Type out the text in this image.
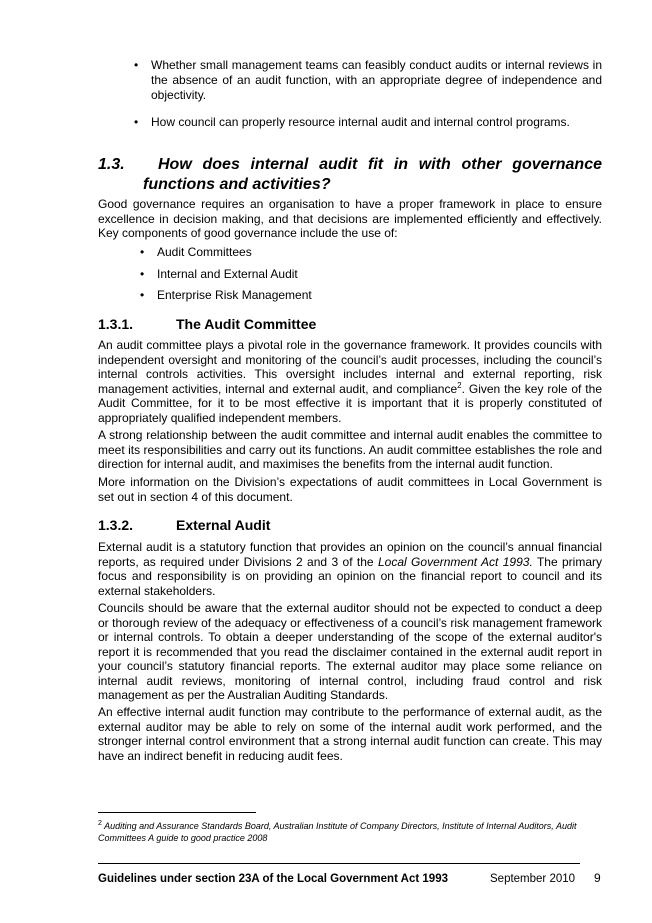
• Whether small management teams can feasibly conduct audits or internal reviews in the absence of an audit function, with an appropriate degree of independence and objectivity.
• How council can properly resource internal audit and internal control programs.
1.3. How does internal audit fit in with other governance
functions and activities?

Good governance requires an organisation to have a proper framework in place to ensure excellence in decision making, and that decisions are implemented efficiently and effectively. Key components of good governance include the use of:

• Audit Committees
• Internal and External Audit
• Enterprise Risk Management
1.3.1.	The Audit Committee

An audit committee plays a pivotal role in the governance framework. It provides councils with independent oversight and monitoring of the council’s audit processes, including the council’s internal controls activities. This oversight includes internal and external reporting, risk management activities, internal and external audit, and compliance$^2$. Given the key role of the Audit Committee, for it to be most effective it is important that it is properly constituted of appropriately qualified independent members.

A strong relationship between the audit committee and internal audit enables the committee to meet its responsibilities and carry out its functions. An audit committee establishes the role and direction for internal audit, and maximises the benefits from the internal audit function.

More information on the Division’s expectations of audit committees in Local Government is set out in section 4 of this document.

1.3.2.	External Audit

External audit is a statutory function that provides an opinion on the council’s annual financial reports, as required under Divisions 2 and 3 of the Local Government Act 1993. The primary focus and responsibility is on providing an opinion on the financial report to council and its external stakeholders.

Councils should be aware that the external auditor should not be expected to conduct a deep or thorough review of the adequacy or effectiveness of a council’s risk management framework or internal controls. To obtain a deeper understanding of the scope of the external auditor's report it is recommended that you read the disclaimer contained in the external audit report in your council’s statutory financial reports. The external auditor may place some reliance on internal audit reviews, monitoring of internal control, including fraud control and risk management as per the Australian Auditing Standards.

An effective internal audit function may contribute to the performance of external audit, as the external auditor may be able to rely on some of the internal audit work performed, and the stronger internal control environment that a strong internal audit function can create. This may have an indirect benefit in reducing audit fees.

$^2$ Auditing and Assurance Standards Board, Australian Institute of Company Directors, Institute of Internal Auditors, Audit Committees A guide to good practice 2008

Guidelines under section 23A of the Local Government Act 1993	September 2010 9
